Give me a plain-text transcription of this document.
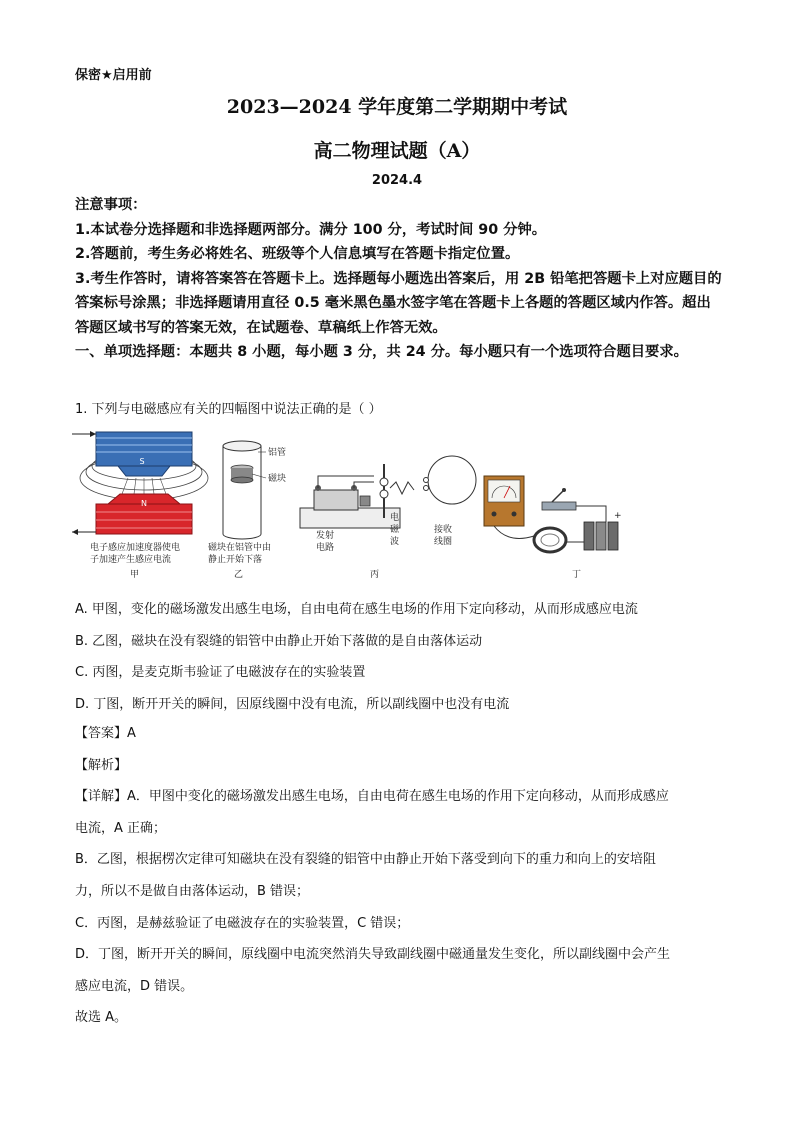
保密★启用前
2023—2024 学年度第二学期期中考试
高二物理试题（A）
2024.4

注意事项：

1.本试卷分选择题和非选择题两部分。满分 100 分，考试时间 90 分钟。

2.答题前，考生务必将姓名、班级等个人信息填写在答题卡指定位置。

3.考生作答时，请将答案答在答题卡上。选择题每小题选出答案后，用 2B 铅笔把答题卡上对应题目的答案标号涂黑；非选择题请用直径 0.5 毫米黑色墨水签字笔在答题卡上各题的答题区域内作答。超出答题区域书写的答案无效，在试题卷、草稿纸上作答无效。

一、单项选择题：本题共 8 小题，每小题 3 分，共 24 分。每小题只有一个选项符合题目要求。

1. 下列与电磁感应有关的四幅图中说法正确的是（ ）
S
N
电子感应加速度器使电
子加速产生感应电流
甲
铝管
磁块
磁块在铝管中由
静止开始下落
乙
发射
电路
电
磁
波
接收
线圈
丙
+
丁

A. 甲图，变化的磁场激发出感生电场，自由电荷在感生电场的作用下定向移动，从而形成感应电流

B. 乙图，磁块在没有裂缝的铝管中由静止开始下落做的是自由落体运动

C. 丙图，是麦克斯韦验证了电磁波存在的实验装置

D. 丁图，断开开关的瞬间，因原线圈中没有电流，所以副线圈中也没有电流

【答案】A

【解析】

【详解】A．甲图中变化的磁场激发出感生电场，自由电荷在感生电场的作用下定向移动，从而形成感应

电流，A 正确；

B．乙图，根据楞次定律可知磁块在没有裂缝的铝管中由静止开始下落受到向下的重力和向上的安培阻

力，所以不是做自由落体运动，B 错误；

C．丙图，是赫兹验证了电磁波存在的实验装置，C 错误；

D．丁图，断开开关的瞬间，原线圈中电流突然消失导致副线圈中磁通量发生变化，所以副线圈中会产生

感应电流，D 错误。

故选 A。
